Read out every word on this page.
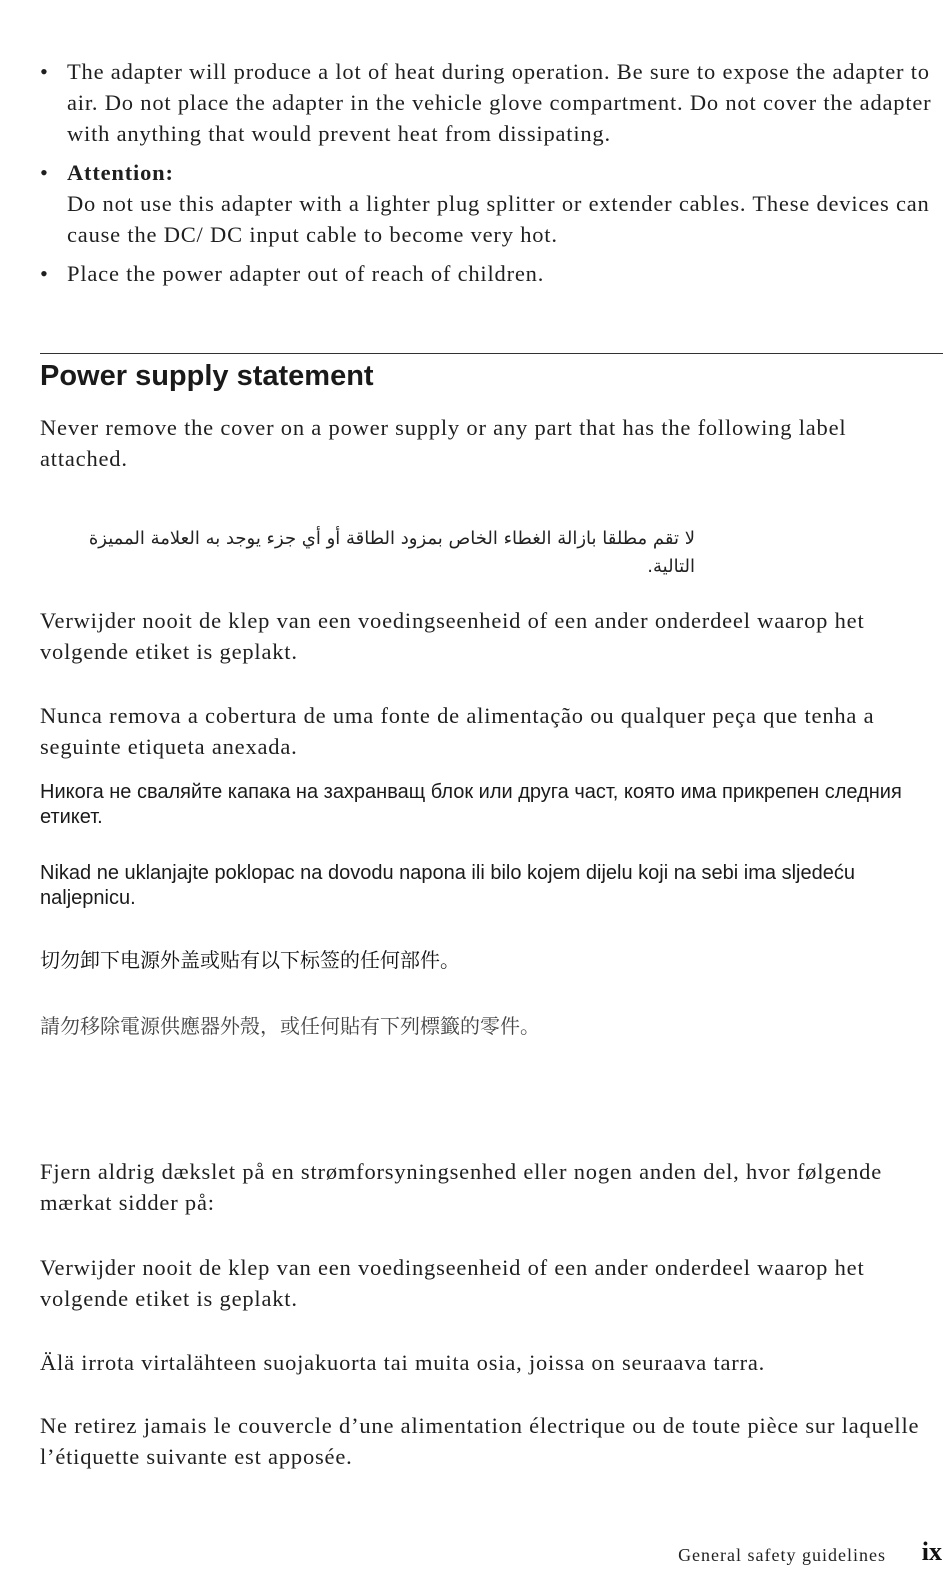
• The adapter will produce a lot of heat during operation. Be sure to expose the adapter to air. Do not place the adapter in the vehicle glove compartment. Do not cover the adapter with anything that would prevent heat from dissipating.
• Attention:
Do not use this adapter with a lighter plug splitter or extender cables. These devices can cause the DC/ DC input cable to become very hot.
• Place the power adapter out of reach of children.
Power supply statement

Never remove the cover on a power supply or any part that has the following label attached.

لا تقم مطلقا بازالة الغطاء الخاص بمزود الطاقة أو أي جزء يوجد به العلامة المميزة التالية.

Verwijder nooit de klep van een voedingseenheid of een ander onderdeel waarop het volgende etiket is geplakt.

Nunca remova a cobertura de uma fonte de alimentação ou qualquer peça que tenha a seguinte etiqueta anexada.

Никога не сваляйте капака на захранващ блок или друга част, която има прикрепен следния етикет.

Nikad ne uklanjajte poklopac na dovodu napona ili bilo kojem dijelu koji na sebi ima sljedeću naljepnicu.

切勿卸下电源外盖或贴有以下标签的任何部件。
請勿移除電源供應器外殼，或任何貼有下列標籤的零件。

Fjern aldrig dækslet på en strømforsyningsenhed eller nogen anden del, hvor følgende mærkat sidder på:

Verwijder nooit de klep van een voedingseenheid of een ander onderdeel waarop het volgende etiket is geplakt.

Älä irrota virtalähteen suojakuorta tai muita osia, joissa on seuraava tarra.

Ne retirez jamais le couvercle d’une alimentation électrique ou de toute pièce sur laquelle l’étiquette suivante est apposée.

General safety guidelines ix
